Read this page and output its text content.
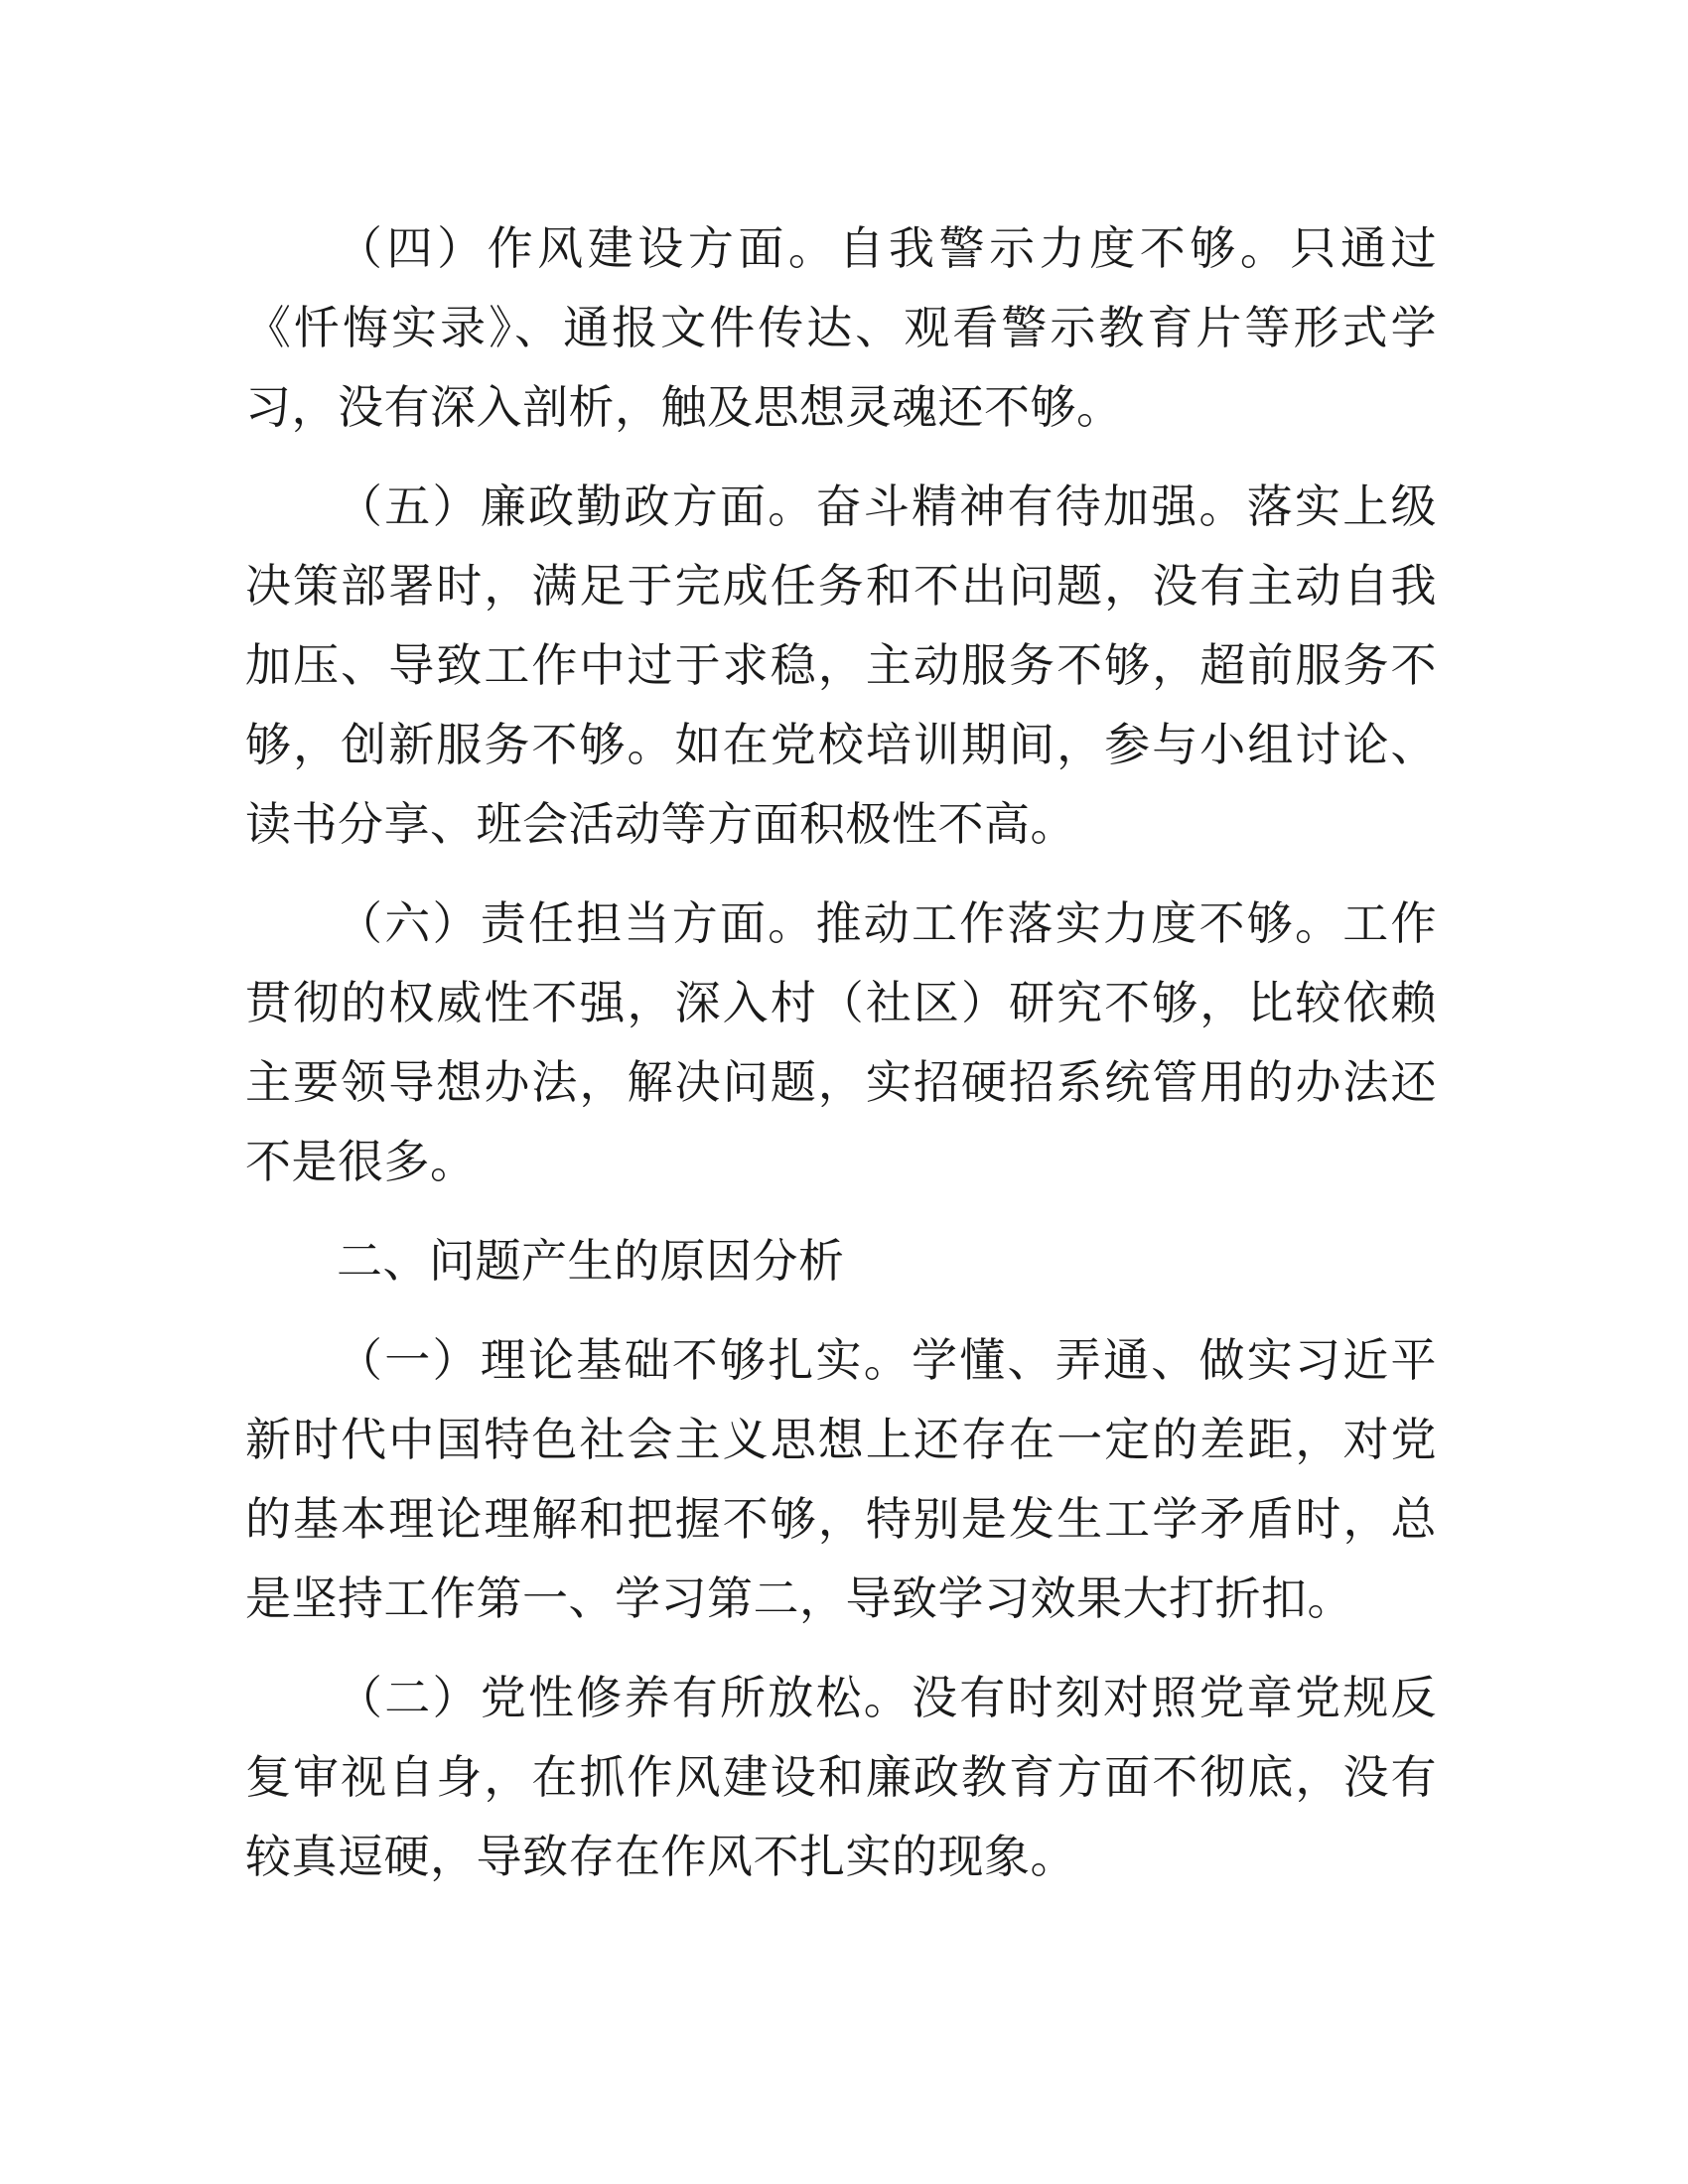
（四）作风建设方面。自我警示力度不够。只通过《忏悔实录》、通报文件传达、观看警示教育片等形式学习，没有深入剖析，触及思想灵魂还不够。

（五）廉政勤政方面。奋斗精神有待加强。落实上级决策部署时，满足于完成任务和不出问题，没有主动自我加压、导致工作中过于求稳，主动服务不够，超前服务不够，创新服务不够。如在党校培训期间，参与小组讨论、读书分享、班会活动等方面积极性不高。

（六）责任担当方面。推动工作落实力度不够。工作贯彻的权威性不强，深入村（社区）研究不够，比较依赖主要领导想办法，解决问题，实招硬招系统管用的办法还不是很多。

二、问题产生的原因分析

（一）理论基础不够扎实。学懂、弄通、做实习近平新时代中国特色社会主义思想上还存在一定的差距，对党的基本理论理解和把握不够，特别是发生工学矛盾时，总是坚持工作第一、学习第二，导致学习效果大打折扣。

（二）党性修养有所放松。没有时刻对照党章党规反复审视自身，在抓作风建设和廉政教育方面不彻底，没有较真逗硬，导致存在作风不扎实的现象。
